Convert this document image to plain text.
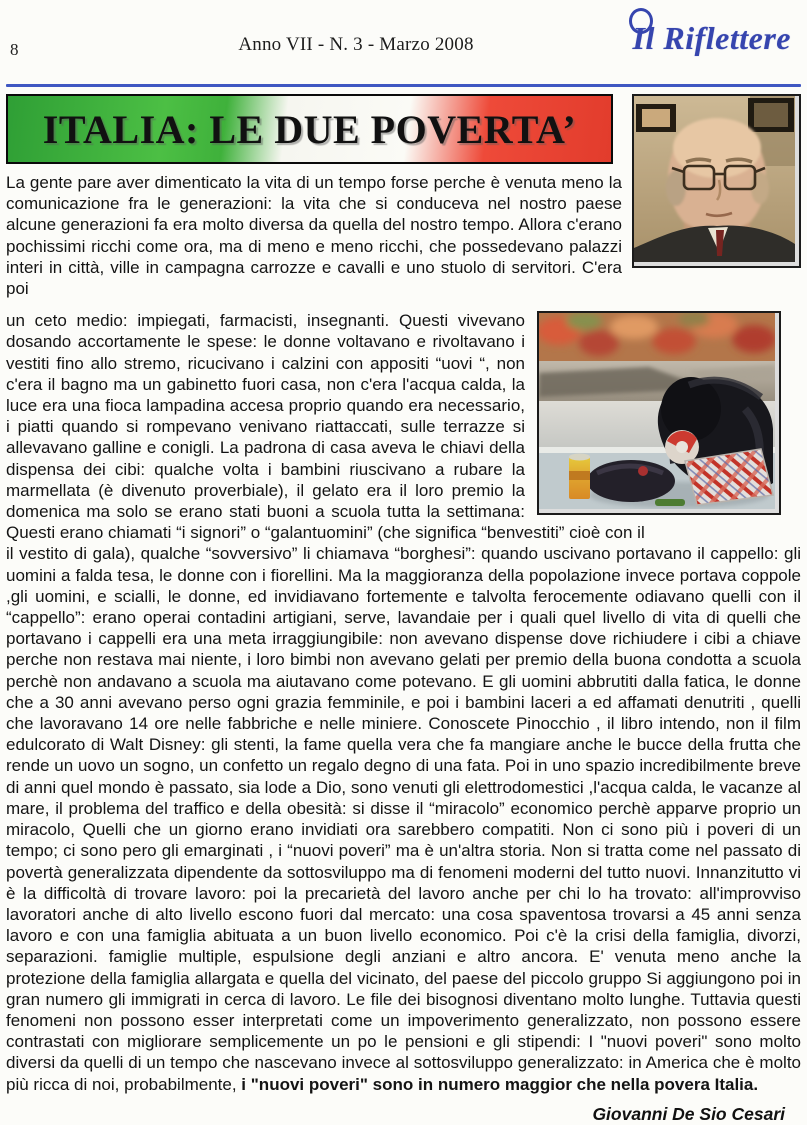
8	Anno VII - N. 3 - Marzo 2008	Il Riflettere
ITALIA: LE DUE POVERTA’

La gente pare aver dimenticato la vita di un tempo forse perche è venuta meno la comunicazione fra le generazioni: la vita che si conduceva nel nostro paese alcune generazioni fa era molto diversa da quella del nostro tempo. Allora c'erano pochissimi ricchi come ora, ma di meno e meno ricchi, che possedevano palazzi interi in città, ville in campagna carrozze e cavalli e uno stuolo di servitori. C'era poi

un ceto medio: impiegati, farmacisti, insegnanti. Questi vivevano dosando accortamente le spese: le donne voltavano e rivoltavano i vestiti fino allo stremo, ricucivano i calzini con appositi “uovi “, non c'era il bagno ma un gabinetto fuori casa, non c'era l'acqua calda, la luce era una fioca lampadina accesa proprio quando era necessario, i piatti quando si rompevano venivano riattaccati, sulle terrazze si allevavano galline e conigli. La padrona di casa aveva le chiavi della dispensa dei cibi: qualche volta i bambini riuscivano a rubare la marmellata (è divenuto proverbiale), il gelato era il loro premio la domenica ma solo se erano stati buoni a scuola tutta la settimana: Questi erano chiamati “i signori” o “galantuomini” (che significa “benvestiti” cioè con il

il vestito di gala), qualche “sovversivo” li chiamava “borghesi”: quando uscivano portavano il cappello: gli uomini a falda tesa, le donne con i fiorellini. Ma la maggioranza della popolazione invece portava coppole ,gli uomini, e scialli, le donne, ed invidiavano fortemente e talvolta ferocemente odiavano quelli con il “cappello”: erano operai contadini artigiani, serve, lavandaie per i quali quel livello di vita di quelli che portavano i cappelli era una meta irraggiungibile: non avevano dispense dove richiudere i cibi a chiave perche non restava mai niente, i loro bimbi non avevano gelati per premio della buona condotta a scuola perchè non andavano a scuola ma aiutavano come potevano. E gli uomini abbrutiti dalla fatica, le donne che a 30 anni avevano perso ogni grazia femminile, e poi i bambini laceri a ed affamati denutriti , quelli che lavoravano 14 ore nelle fabbriche e nelle miniere. Conoscete Pinocchio , il libro intendo, non il film edulcorato di Walt Disney: gli stenti, la fame quella vera che fa mangiare anche le bucce della frutta che rende un uovo un sogno, un confetto un regalo degno di una fata. Poi in uno spazio incredibilmente breve di anni quel mondo è passato, sia lode a Dio, sono venuti gli elettrodomestici ,l'acqua calda, le vacanze al mare, il problema del traffico e della obesità: si disse il “miracolo” economico perchè apparve proprio un miracolo, Quelli che un giorno erano invidiati ora sarebbero compatiti. Non ci sono più i poveri di un tempo; ci sono pero gli emarginati , i “nuovi poveri” ma è un'altra storia. Non si tratta come nel passato di povertà generalizzata dipendente da sottosviluppo ma di fenomeni moderni del tutto nuovi. Innanzitutto vi è la difficoltà di trovare lavoro: poi la precarietà del lavoro anche per chi lo ha trovato: all'improvviso lavoratori anche di alto livello escono fuori dal mercato: una cosa spaventosa trovarsi a 45 anni senza lavoro e con una famiglia abituata a un buon livello economico. Poi c'è la crisi della famiglia, divorzi, separazioni. famiglie multiple, espulsione degli anziani e altro ancora. E' venuta meno anche la protezione della famiglia allargata e quella del vicinato, del paese del piccolo gruppo Si aggiungono poi in gran numero gli immigrati in cerca di lavoro. Le file dei bisognosi diventano molto lunghe. Tuttavia questi fenomeni non possono esser interpretati come un impoverimento generalizzato, non possono essere contrastati con migliorare semplicemente un po le pensioni e gli stipendi: I "nuovi poveri" sono molto diversi da quelli di un tempo che nascevano invece al sottosviluppo generalizzato: in America che è molto più ricca di noi, probabilmente, i "nuovi poveri" sono in numero maggior che nella povera Italia.

Giovanni De Sio Cesari
